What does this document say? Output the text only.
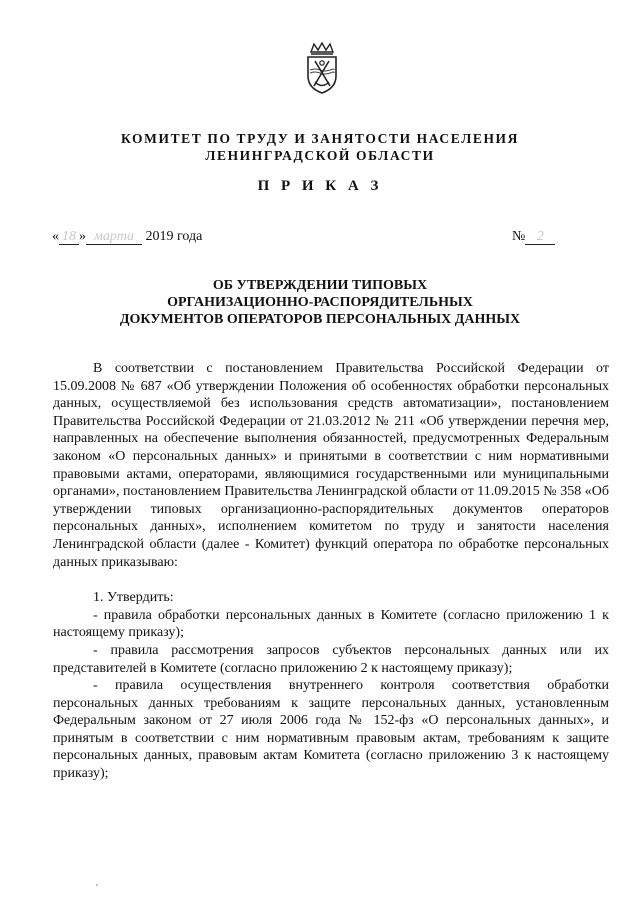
КОМИТЕТ ПО ТРУДУ И ЗАНЯТОСТИ НАСЕЛЕНИЯ
ЛЕНИНГРАДСКОЙ ОБЛАСТИ
П Р И К А З
« 18 » марта 2019 года	№ 2
ОБ УТВЕРЖДЕНИИ ТИПОВЫХ
ОРГАНИЗАЦИОННО-РАСПОРЯДИТЕЛЬНЫХ
ДОКУМЕНТОВ ОПЕРАТОРОВ ПЕРСОНАЛЬНЫХ ДАННЫХ

В соответствии с постановлением Правительства Российской Федерации от 15.09.2008 № 687 «Об утверждении Положения об особенностях обработки персональных данных, осуществляемой без использования средств автоматизации», постановлением Правительства Российской Федерации от 21.03.2012 № 211 «Об утверждении перечня мер, направленных на обеспечение выполнения обязанностей, предусмотренных Федеральным законом «О персональных данных» и принятыми в соответствии с ним нормативными правовыми актами, операторами, являющимися государственными или муниципальными органами», постановлением Правительства Ленинградской области от 11.09.2015 № 358 «Об утверждении типовых организационно-распорядительных документов операторов персональных данных», исполнением комитетом по труду и занятости населения Ленинградской области (далее - Комитет) функций оператора по обработке персональных данных приказываю:

1. Утвердить:

- правила обработки персональных данных в Комитете (согласно приложению 1 к настоящему приказу);

- правила рассмотрения запросов субъектов персональных данных или их представителей в Комитете (согласно приложению 2 к настоящему приказу);

- правила осуществления внутреннего контроля соответствия обработки персональных данных требованиям к защите персональных данных, установленным Федеральным законом от 27 июля 2006 года № 152-фз «О персональных данных», и принятым в соответствии с ним нормативным правовым актам, требованиям к защите персональных данных, правовым актам Комитета (согласно приложению 3 к настоящему приказу);
